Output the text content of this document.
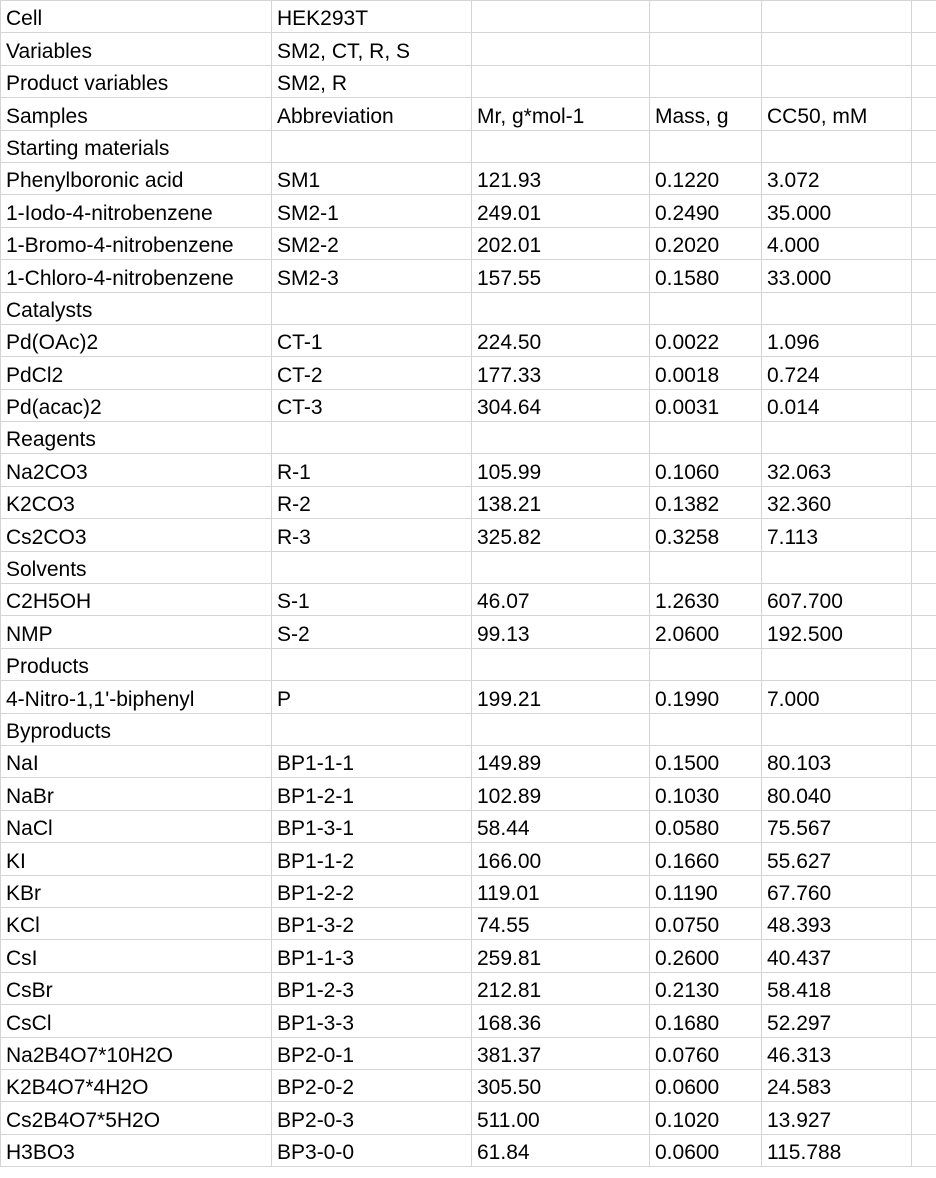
Cell	HEK293T				
Variables	SM2, CT, R, S				
Product variables	SM2, R				
Samples	Abbreviation	Mr, g*mol-1	Mass, g	CC50, mM	
Starting materials					
Phenylboronic acid	SM1	121.93	0.1220	3.072	
1-Iodo-4-nitrobenzene	SM2-1	249.01	0.2490	35.000	
1-Bromo-4-nitrobenzene	SM2-2	202.01	0.2020	4.000	
1-Chloro-4-nitrobenzene	SM2-3	157.55	0.1580	33.000	
Catalysts					
Pd(OAc)2	CT-1	224.50	0.0022	1.096	
PdCl2	CT-2	177.33	0.0018	0.724	
Pd(acac)2	CT-3	304.64	0.0031	0.014	
Reagents					
Na2CO3	R-1	105.99	0.1060	32.063	
K2CO3	R-2	138.21	0.1382	32.360	
Cs2CO3	R-3	325.82	0.3258	7.113	
Solvents					
C2H5OH	S-1	46.07	1.2630	607.700	
NMP	S-2	99.13	2.0600	192.500	
Products					
4-Nitro-1,1'-biphenyl	P	199.21	0.1990	7.000	
Byproducts					
NaI	BP1-1-1	149.89	0.1500	80.103	
NaBr	BP1-2-1	102.89	0.1030	80.040	
NaCl	BP1-3-1	58.44	0.0580	75.567	
KI	BP1-1-2	166.00	0.1660	55.627	
KBr	BP1-2-2	119.01	0.1190	67.760	
KCl	BP1-3-2	74.55	0.0750	48.393	
CsI	BP1-1-3	259.81	0.2600	40.437	
CsBr	BP1-2-3	212.81	0.2130	58.418	
CsCl	BP1-3-3	168.36	0.1680	52.297	
Na2B4O7*10H2O	BP2-0-1	381.37	0.0760	46.313	
K2B4O7*4H2O	BP2-0-2	305.50	0.0600	24.583	
Cs2B4O7*5H2O	BP2-0-3	511.00	0.1020	13.927	
H3BO3	BP3-0-0	61.84	0.0600	115.788	
